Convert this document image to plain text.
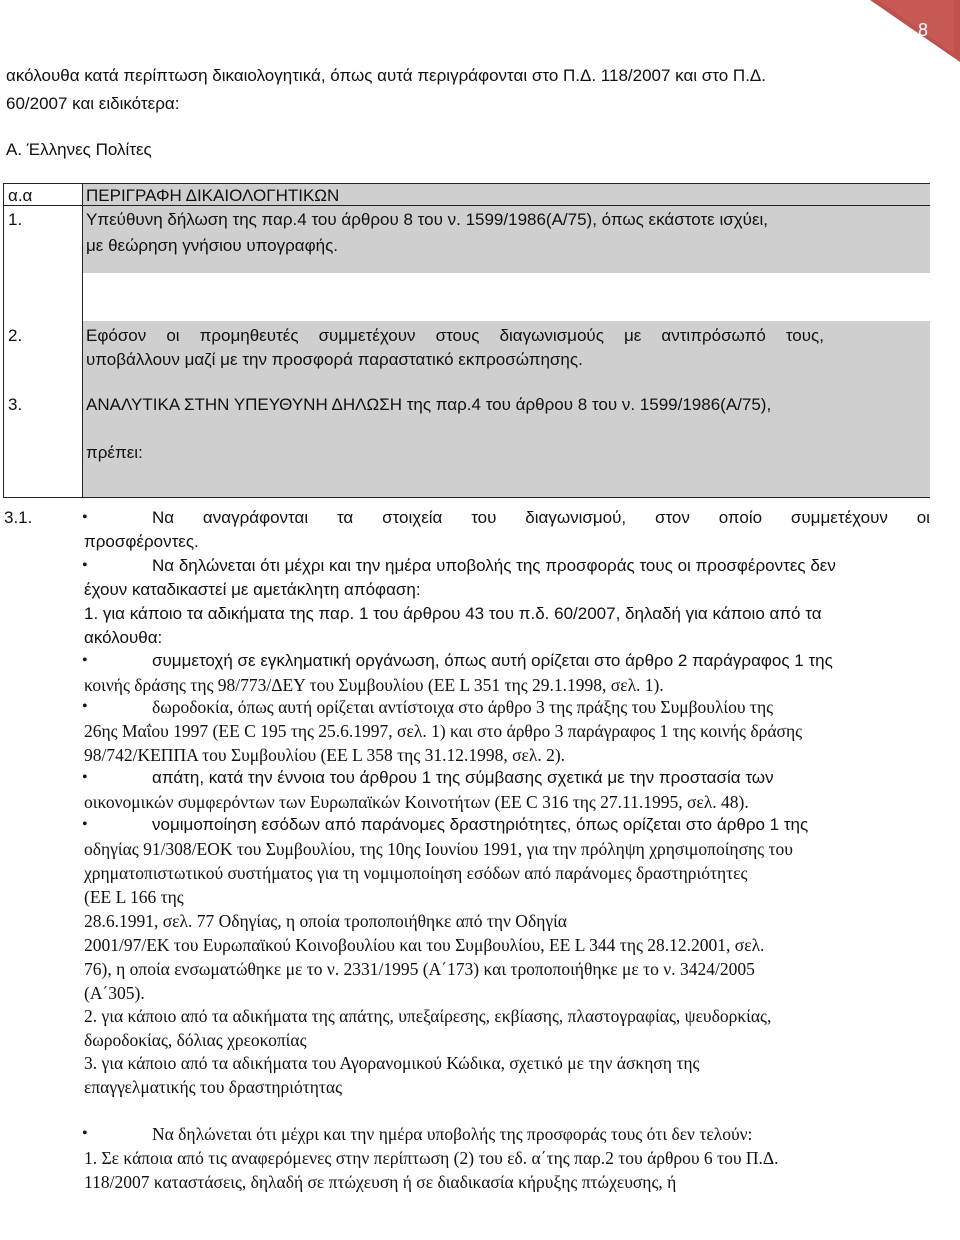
8
ακόλουθα κατά περίπτωση δικαιολογητικά, όπως αυτά περιγράφονται στο Π.Δ. 118/2007 και στο Π.Δ.
60/2007 και ειδικότερα:
Α. Έλληνες Πολίτες
α.α	ΠΕΡΙΓΡΑΦΗ ΔΙΚΑΙΟΛΟΓΗΤΙΚΩΝ
1.	Υπεύθυνη δήλωση της παρ.4 του άρθρου 8 του ν. 1599/1986(Α/75), όπως εκάστοτε ισχύει,
με θεώρηση γνήσιου υπογραφής.
2.	Εφόσον οι προμηθευτές συμμετέχουν στους διαγωνισμούς με αντιπρόσωπό τους,
υποβάλλουν μαζί με την προσφορά παραστατικό εκπροσώπησης.
3.	ΑΝΑΛΥΤΙΚΑ ΣΤΗΝ ΥΠΕΥΘΥΝΗ ΔΗΛΩΣΗ της παρ.4 του άρθρου 8 του ν. 1599/1986(Α/75),
πρέπει:
3.1.	•	Να αναγράφονται τα στοιχεία του διαγωνισμού, στον οποίο συμμετέχουν οι
προσφέροντες.
•	Να δηλώνεται ότι μέχρι και την ημέρα υποβολής της προσφοράς τους οι προσφέροντες δεν
έχουν καταδικαστεί με αμετάκλητη απόφαση:
1. για κάποιο τα αδικήματα της παρ. 1 του άρθρου 43 του π.δ. 60/2007, δηλαδή για κάποιο από τα
ακόλουθα:
•	συμμετοχή σε εγκληματική οργάνωση, όπως αυτή ορίζεται στο άρθρο 2 παράγραφος 1 της
κοινής δράσης της 98/773/ΔΕΥ του Συμβουλίου (ΕΕ L 351 της 29.1.1998, σελ. 1).
•	δωροδοκία, όπως αυτή ορίζεται αντίστοιχα στο άρθρο 3 της πράξης του Συμβουλίου της
26ης Μαΐου 1997 (ΕΕ C 195 της 25.6.1997, σελ. 1) και στο άρθρο 3 παράγραφος 1 της κοινής δράσης
98/742/ΚΕΠΠΑ του Συμβουλίου (ΕΕ L 358 της 31.12.1998, σελ. 2).
•	απάτη, κατά την έννοια του άρθρου 1 της σύμβασης σχετικά με την προστασία των
οικονομικών συμφερόντων των Ευρωπαϊκών Κοινοτήτων (ΕΕ C 316 της 27.11.1995, σελ. 48).
•	νομιμοποίηση εσόδων από παράνομες δραστηριότητες, όπως ορίζεται στο άρθρο 1 της
οδηγίας 91/308/ΕΟΚ του Συμβουλίου, της 10ης Ιουνίου 1991, για την πρόληψη χρησιμοποίησης του
χρηματοπιστωτικού συστήματος για τη νομιμοποίηση εσόδων από παράνομες δραστηριότητες
(ΕΕ L 166 της
28.6.1991, σελ. 77 Οδηγίας, η οποία τροποποιήθηκε από την Οδηγία
2001/97/ΕΚ του Ευρωπαϊκού Κοινοβουλίου και του Συμβουλίου, ΕΕ L 344 της 28.12.2001, σελ.
76), η οποία ενσωματώθηκε με το ν. 2331/1995 (Α΄173) και τροποποιήθηκε με το ν. 3424/2005
(Α΄305).
2. για κάποιο από τα αδικήματα της απάτης, υπεξαίρεσης, εκβίασης, πλαστογραφίας, ψευδορκίας,
δωροδοκίας, δόλιας χρεοκοπίας
3. για κάποιο από τα αδικήματα του Αγορανομικού Κώδικα, σχετικό με την άσκηση της
επαγγελματικής του δραστηριότητας
•	Να δηλώνεται ότι μέχρι και την ημέρα υποβολής της προσφοράς τους ότι δεν τελούν:
1. Σε κάποια από τις αναφερόμενες στην περίπτωση (2) του εδ. α΄της παρ.2 του άρθρου 6 του Π.Δ.
118/2007 καταστάσεις, δηλαδή σε πτώχευση ή σε διαδικασία κήρυξης πτώχευσης, ή
